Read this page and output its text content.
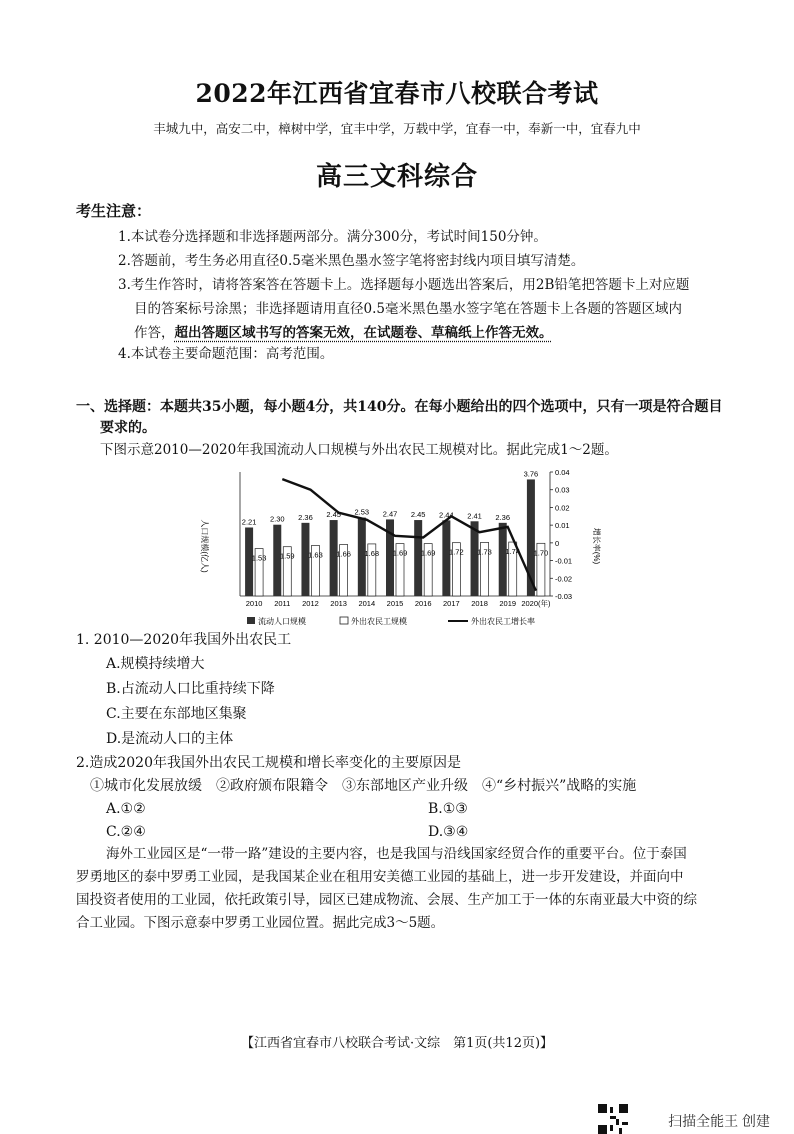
2022年江西省宜春市八校联合考试
丰城九中，高安二中，樟树中学，宜丰中学，万载中学，宜春一中，奉新一中，宜春九中
高三文科综合
考生注意：
1.本试卷分选择题和非选择题两部分。满分300分，考试时间150分钟。
2.答题前，考生务必用直径0.5毫米黑色墨水签字笔将密封线内项目填写清楚。
3.考生作答时，请将答案答在答题卡上。选择题每小题选出答案后，用2B铅笔把答题卡上对应题
目的答案标号涂黑；非选择题请用直径0.5毫米黑色墨水签字笔在答题卡上各题的答题区域内
作答，超出答题区域书写的答案无效，在试题卷、草稿纸上作答无效。
4.本试卷主要命题范围：高考范围。
一、选择题：本题共35小题，每小题4分，共140分。在每小题给出的四个选项中，只有一项是符合题目
要求的。
下图示意2010—2020年我国流动人口规模与外出农民工规模对比。据此完成1～2题。
0.04
0.03
0.02
0.01
0
-0.01
-0.02
-0.03
2.21
1.53
2010
2.30
1.59
2011
2.36
1.63
2012
2.45
1.66
2013
2.53
1.68
2014
2.47
1.69
2015
2.45
1.69
2016
2.44
1.72
2017
2.41
1.73
2018
2.36
1.74
2019
3.76
1.70
2020(年)
人口规模(亿人)	增长率(%)
流动人口规模	外出农民工规模	外出农民工增长率
1. 2010—2020年我国外出农民工
A.规模持续增大
B.占流动人口比重持续下降
C.主要在东部地区集聚
D.是流动人口的主体
2.造成2020年我国外出农民工规模和增长率变化的主要原因是
①城市化发展放缓　②政府颁布限籍令　③东部地区产业升级　④“乡村振兴”战略的实施
A.①②	B.①③
C.②④	D.③④
海外工业园区是“一带一路”建设的主要内容，也是我国与沿线国家经贸合作的重要平台。位于泰国
罗勇地区的泰中罗勇工业园，是我国某企业在租用安美德工业园的基础上，进一步开发建设，并面向中
国投资者使用的工业园，依托政策引导，园区已建成物流、会展、生产加工于一体的东南亚最大中资的综
合工业园。下图示意泰中罗勇工业园位置。据此完成3～5题。
【江西省宜春市八校联合考试·文综　第1页(共12页)】
扫描全能王 创建
